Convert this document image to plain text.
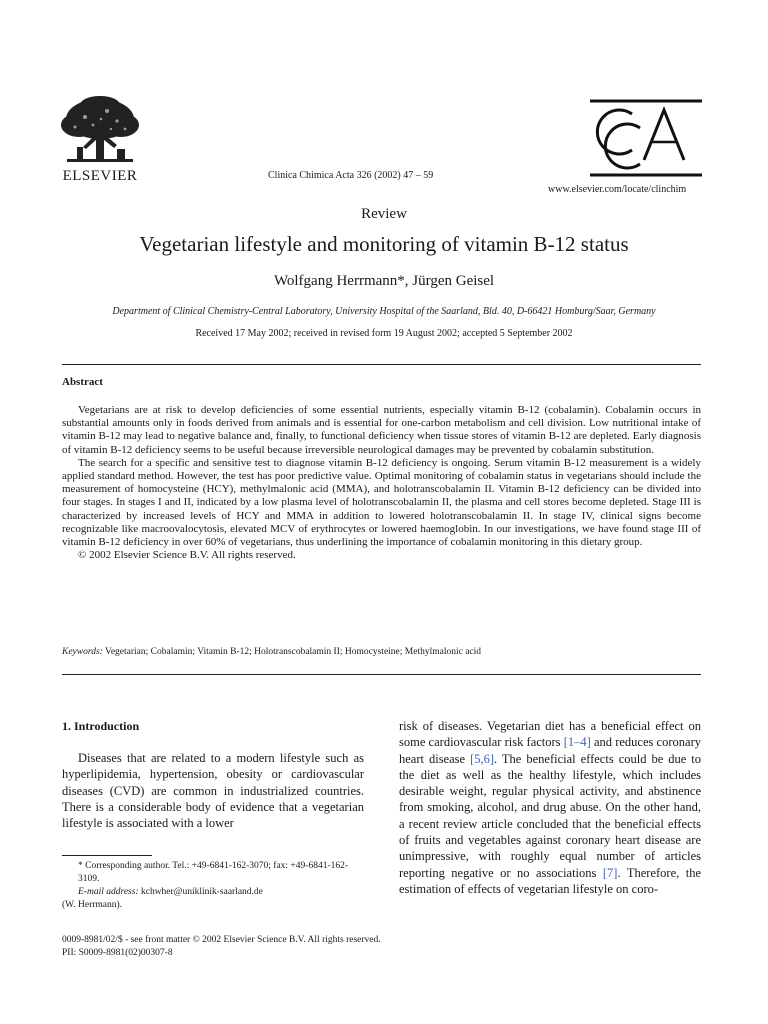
ELSEVIER	Clinica Chimica Acta 326 (2002) 47 – 59
www.elsevier.com/locate/clinchim
Review
Vegetarian lifestyle and monitoring of vitamin B-12 status
Wolfgang Herrmann*, Jürgen Geisel
Department of Clinical Chemistry-Central Laboratory, University Hospital of the Saarland, Bld. 40, D-66421 Homburg/Saar, Germany
Received 17 May 2002; received in revised form 19 August 2002; accepted 5 September 2002
Abstract

Vegetarians are at risk to develop deficiencies of some essential nutrients, especially vitamin B-12 (cobalamin). Cobalamin occurs in substantial amounts only in foods derived from animals and is essential for one-carbon metabolism and cell division. Low nutritional intake of vitamin B-12 may lead to negative balance and, finally, to functional deficiency when tissue stores of vitamin B-12 are depleted. Early diagnosis of vitamin B-12 deficiency seems to be useful because irreversible neurological damages may be prevented by cobalamin substitution.

The search for a specific and sensitive test to diagnose vitamin B-12 deficiency is ongoing. Serum vitamin B-12 measurement is a widely applied standard method. However, the test has poor predictive value. Optimal monitoring of cobalamin status in vegetarians should include the measurement of homocysteine (HCY), methylmalonic acid (MMA), and holotranscobalamin II. Vitamin B-12 deficiency can be divided into four stages. In stages I and II, indicated by a low plasma level of holotranscobalamin II, the plasma and cell stores become depleted. Stage III is characterized by increased levels of HCY and MMA in addition to lowered holotranscobalamin II. In stage IV, clinical signs become recognizable like macroovalocytosis, elevated MCV of erythrocytes or lowered haemoglobin. In our investigations, we have found stage III of vitamin B-12 deficiency in over 60% of vegetarians, thus underlining the importance of cobalamin monitoring in this dietary group.

© 2002 Elsevier Science B.V. All rights reserved.

Keywords: Vegetarian; Cobalamin; Vitamin B-12; Holotranscobalamin II; Homocysteine; Methylmalonic acid
1. Introduction

Diseases that are related to a modern lifestyle such as hyperlipidemia, hypertension, obesity or cardiovascular diseases (CVD) are common in industrialized countries. There is a considerable body of evidence that a vegetarian lifestyle is associated with a lower

* Corresponding author. Tel.: +49-6841-162-3070; fax: +49-6841-162-3109.

E-mail address: kchwher@uniklinik-saarland.de

(W. Herrmann).

risk of diseases. Vegetarian diet has a beneficial effect on some cardiovascular risk factors [1–4] and reduces coronary heart disease [5,6]. The beneficial effects could be due to the diet as well as the healthy lifestyle, which includes desirable weight, regular physical activity, and abstinence from smoking, alcohol, and drug abuse. On the other hand, a recent review article concluded that the beneficial effects of fruits and vegetables against coronary heart disease are unimpressive, with roughly equal number of articles reporting negative or no associations [7]. Therefore, the estimation of effects of vegetarian lifestyle on coro-

0009-8981/02/$ - see front matter © 2002 Elsevier Science B.V. All rights reserved.

PII: S0009-8981(02)00307-8
